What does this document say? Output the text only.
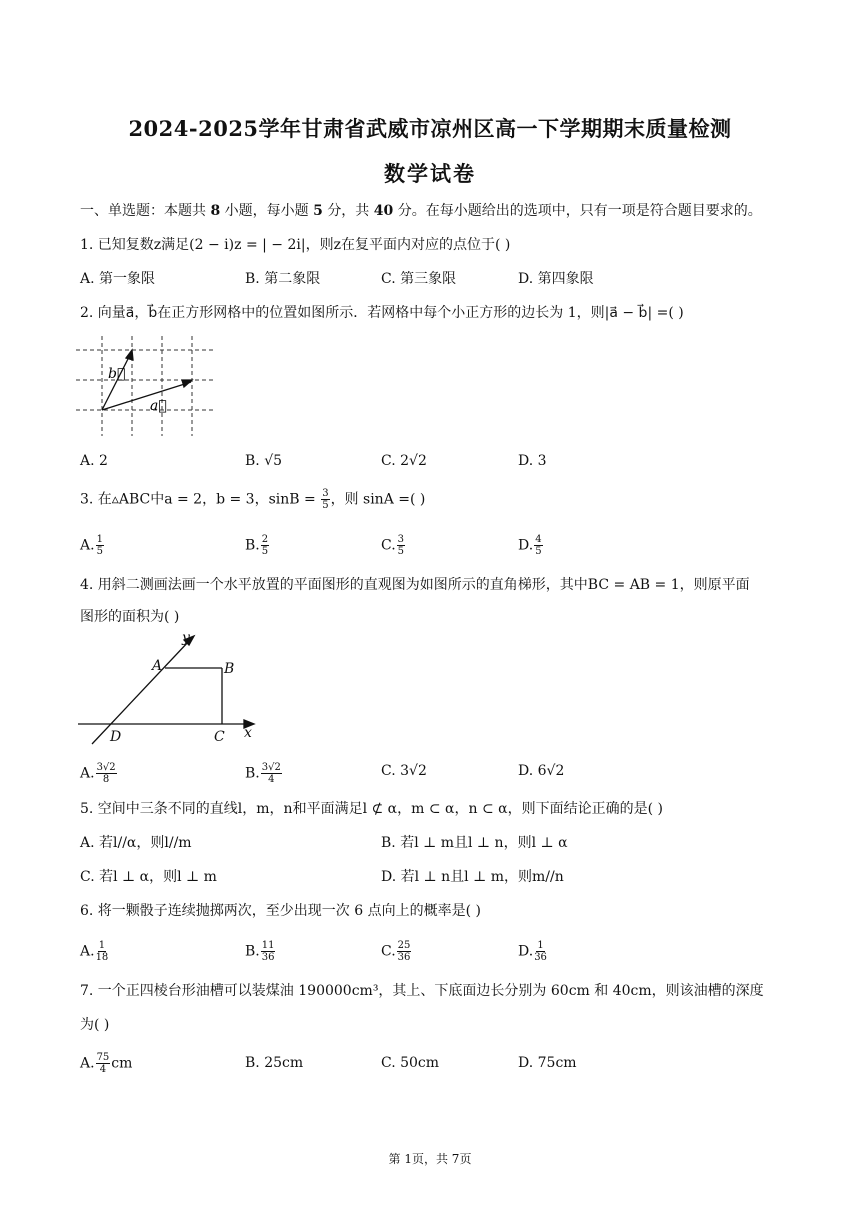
2024-2025学年甘肃省武威市凉州区高一下学期期末质量检测
数学试卷
一、单选题：本题共 8 小题，每小题 5 分，共 40 分。在每小题给出的选项中，只有一项是符合题目要求的。
1. 已知复数z满足(2 − i)z = | − 2i|，则z在复平面内对应的点位于( )
A. 第一象限	B. 第二象限	C. 第三象限	D. 第四象限
2. 向量a⃗，b⃗在正方形网格中的位置如图所示．若网格中每个小正方形的边长为 1，则|a⃗ − b⃗| =( )
b⃗
a⃗
A. 2	B. √5	C. 2√2	D. 3
3. 在▵ABC中a = 2，b = 3，$\sin B = \frac{3}{5}$ ，则 sinA =( )
A. $\frac{1}{5}$	B. $\frac{2}{5}$	C. $\frac{3}{5}$	D. $\frac{4}{5}$
4. 用斜二测画法画一个水平放置的平面图形的直观图为如图所示的直角梯形，其中BC = AB = 1，则原平面
图形的面积为( )
y
A	B
D	C x
A. $\frac{3√2}{8}$	B. $\frac{3√2}{4}$	C. 3√2	D. 6√2
5. 空间中三条不同的直线l，m，n和平面满足l ⊄ α，m ⊂ α，n ⊂ α，则下面结论正确的是( )
A. 若l//α，则l//m	B. 若l ⊥ m且l ⊥ n，则l ⊥ α
C. 若l ⊥ α，则l ⊥ m	D. 若l ⊥ n且l ⊥ m，则m//n
6. 将一颗骰子连续抛掷两次，至少出现一次 6 点向上的概率是( )
A. $\frac{1}{18}$	B. $\frac{11}{36}$	C. $\frac{25}{36}$	D. $\frac{1}{36}$
7. 一个正四棱台形油槽可以装煤油 190000cm³，其上、下底面边长分别为 60cm 和 40cm，则该油槽的深度
为( )
A. $\frac{75}{4}$ cm	B. 25cm	C. 50cm	D. 75cm
第 1页，共 7页
